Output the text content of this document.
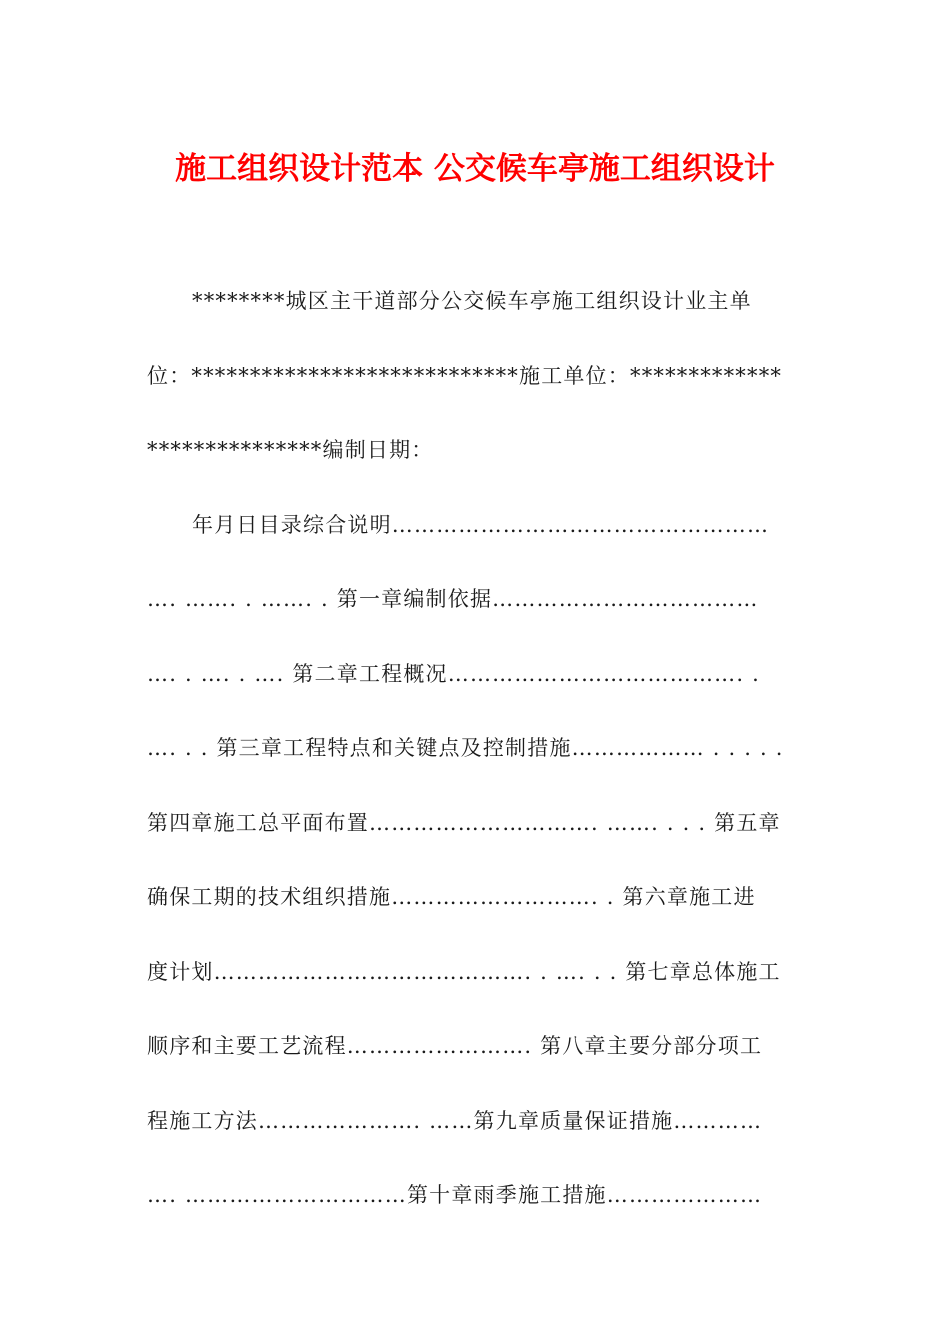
施工组织设计范本 公交候车亭施工组织设计
********城区主干道部分公交候车亭施工组织设计业主单
位：****************************施工单位：*************
***************编制日期：
年月日目录综合说明……………………………………………
…. ……. . ……. . 第一章编制依据………………………………
…. . …. . …. 第二章工程概况…………………………………. .
…. . . 第三章工程特点和关键点及控制措施……………… . . . . .
第四章施工总平面布置…………………………. ……. . . . 第五章
确保工期的技术组织措施………………………. . 第六章施工进
度计划……………………………………. . …. . . 第七章总体施工
顺序和主要工艺流程……………………. 第八章主要分部分项工
程施工方法…………………. ……第九章质量保证措施…………
…. …………………………第十章雨季施工措施…………………
